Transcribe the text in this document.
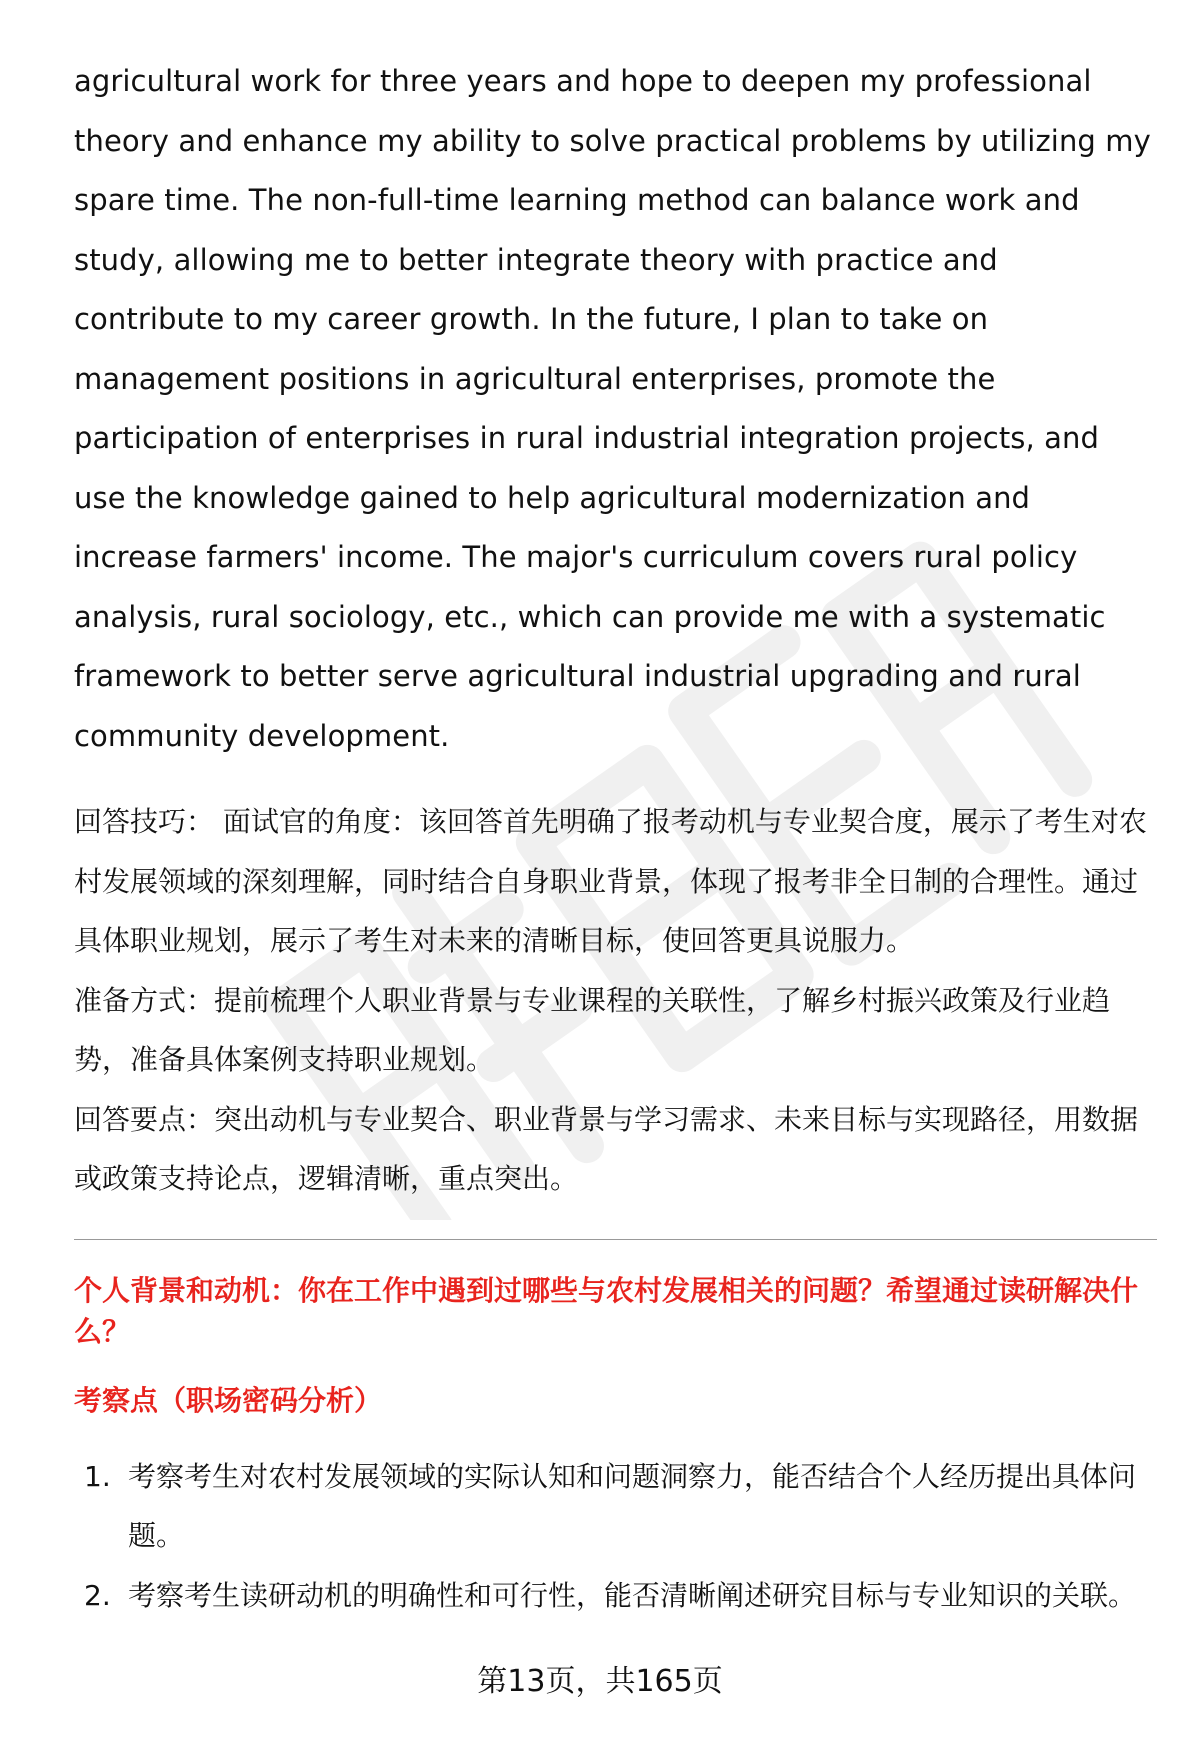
agricultural work for three years and hope to deepen my professional theory and enhance my ability to solve practical problems by utilizing my spare time. The non-full-time learning method can balance work and study, allowing me to better integrate theory with practice and contribute to my career growth. In the future, I plan to take on management positions in agricultural enterprises, promote the participation of enterprises in rural industrial integration projects, and use the knowledge gained to help agricultural modernization and increase farmers' income. The major's curriculum covers rural policy analysis, rural sociology, etc., which can provide me with a systematic framework to better serve agricultural industrial upgrading and rural community development.

回答技巧： 面试官的角度：该回答首先明确了报考动机与专业契合度，展示了考生对农村发展领域的深刻理解，同时结合自身职业背景，体现了报考非全日制的合理性。通过具体职业规划，展示了考生对未来的清晰目标，使回答更具说服力。

准备方式：提前梳理个人职业背景与专业课程的关联性，了解乡村振兴政策及行业趋势，准备具体案例支持职业规划。

回答要点：突出动机与专业契合、职业背景与学习需求、未来目标与实现路径，用数据或政策支持论点，逻辑清晰，重点突出。

个人背景和动机：你在工作中遇到过哪些与农村发展相关的问题？希望通过读研解决什么？
考察点（职场密码分析）
1. 考察考生对农村发展领域的实际认知和问题洞察力，能否结合个人经历提出具体问题。
2. 考察考生读研动机的明确性和可行性，能否清晰阐述研究目标与专业知识的关联。
第13页，共165页
